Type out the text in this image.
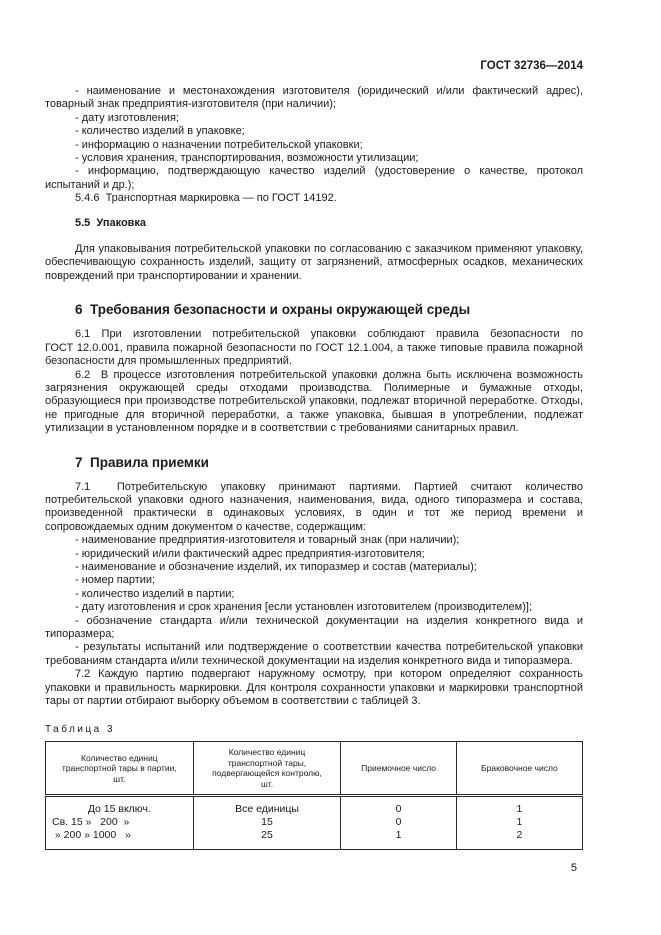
ГОСТ 32736—2014

- наименование и местонахождения изготовителя (юридический и/или фактический адрес), товарный знак предприятия-изготовителя (при наличии);

- дату изготовления;

- количество изделий в упаковке;

- информацию о назначении потребительской упаковки;

- условия хранения, транспортирования, возможности утилизации;

- информацию, подтверждающую качество изделий (удостоверение о качестве, протокол испытаний и др.);

5.4.6  Транспортная маркировка — по ГОСТ 14192.

5.5  Упаковка

Для упаковывания потребительской упаковки по согласованию с заказчиком применяют упаковку, обеспечивающую сохранность изделий, защиту от загрязнений, атмосферных осадков, механических повреждений при транспортировании и хранении.

6  Требования безопасности и охраны окружающей среды

6.1 При изготовлении потребительской упаковки соблюдают правила безопасности по ГОСТ 12.0.001, правила пожарной безопасности по ГОСТ 12.1.004, а также типовые правила пожарной безопасности для промышленных предприятий.

6.2  В процессе изготовления потребительской упаковки должна быть исключена возможность загрязнения окружающей среды отходами производства. Полимерные и бумажные отходы, образующиеся при производстве потребительской упаковки, подлежат вторичной переработке. Отходы, не пригодные для вторичной переработки, а также упаковка, бывшая в употреблении, подлежат утилизации в установленном порядке и в соответствии с требованиями санитарных правил.

7  Правила приемки

7.1  Потребительскую упаковку принимают партиями. Партией считают количество потребительской упаковки одного назначения, наименования, вида, одного типоразмера и состава, произведенной практически в одинаковых условиях, в один и тот же период времени и сопровождаемых одним документом о качестве, содержащим:

- наименование предприятия-изготовителя и товарный знак (при наличии);

- юридический и/или фактический адрес предприятия-изготовителя;

- наименование и обозначение изделий, их типоразмер и состав (материалы);

- номер партии;

- количество изделий в партии;

- дату изготовления и срок хранения [если установлен изготовителем (производителем)];

- обозначение стандарта и/или технической документации на изделия конкретного вида и типоразмера;

- результаты испытаний или подтверждение о соответствии качества потребительской упаковки требованиям стандарта и/или технической документации на изделия конкретного вида и типоразмера.

7.2 Каждую партию подвергают наружному осмотру, при котором определяют сохранность упаковки и правильность маркировки. Для контроля сохранности упаковки и маркировки транспортной тары от партии отбирают выборку объемом в соответствии с таблицей 3.

Таблица 3
Количество единиц транспортной тары в партии, шт.	Количество единиц транспортной тары, подвергающейся контролю, шт.	Приемочное число	Браковочное число
До 15 включ.	Все единицы	0	1
Св. 15 »   200  »	15	0	1
» 200 » 1000   »	25	1	2
5
